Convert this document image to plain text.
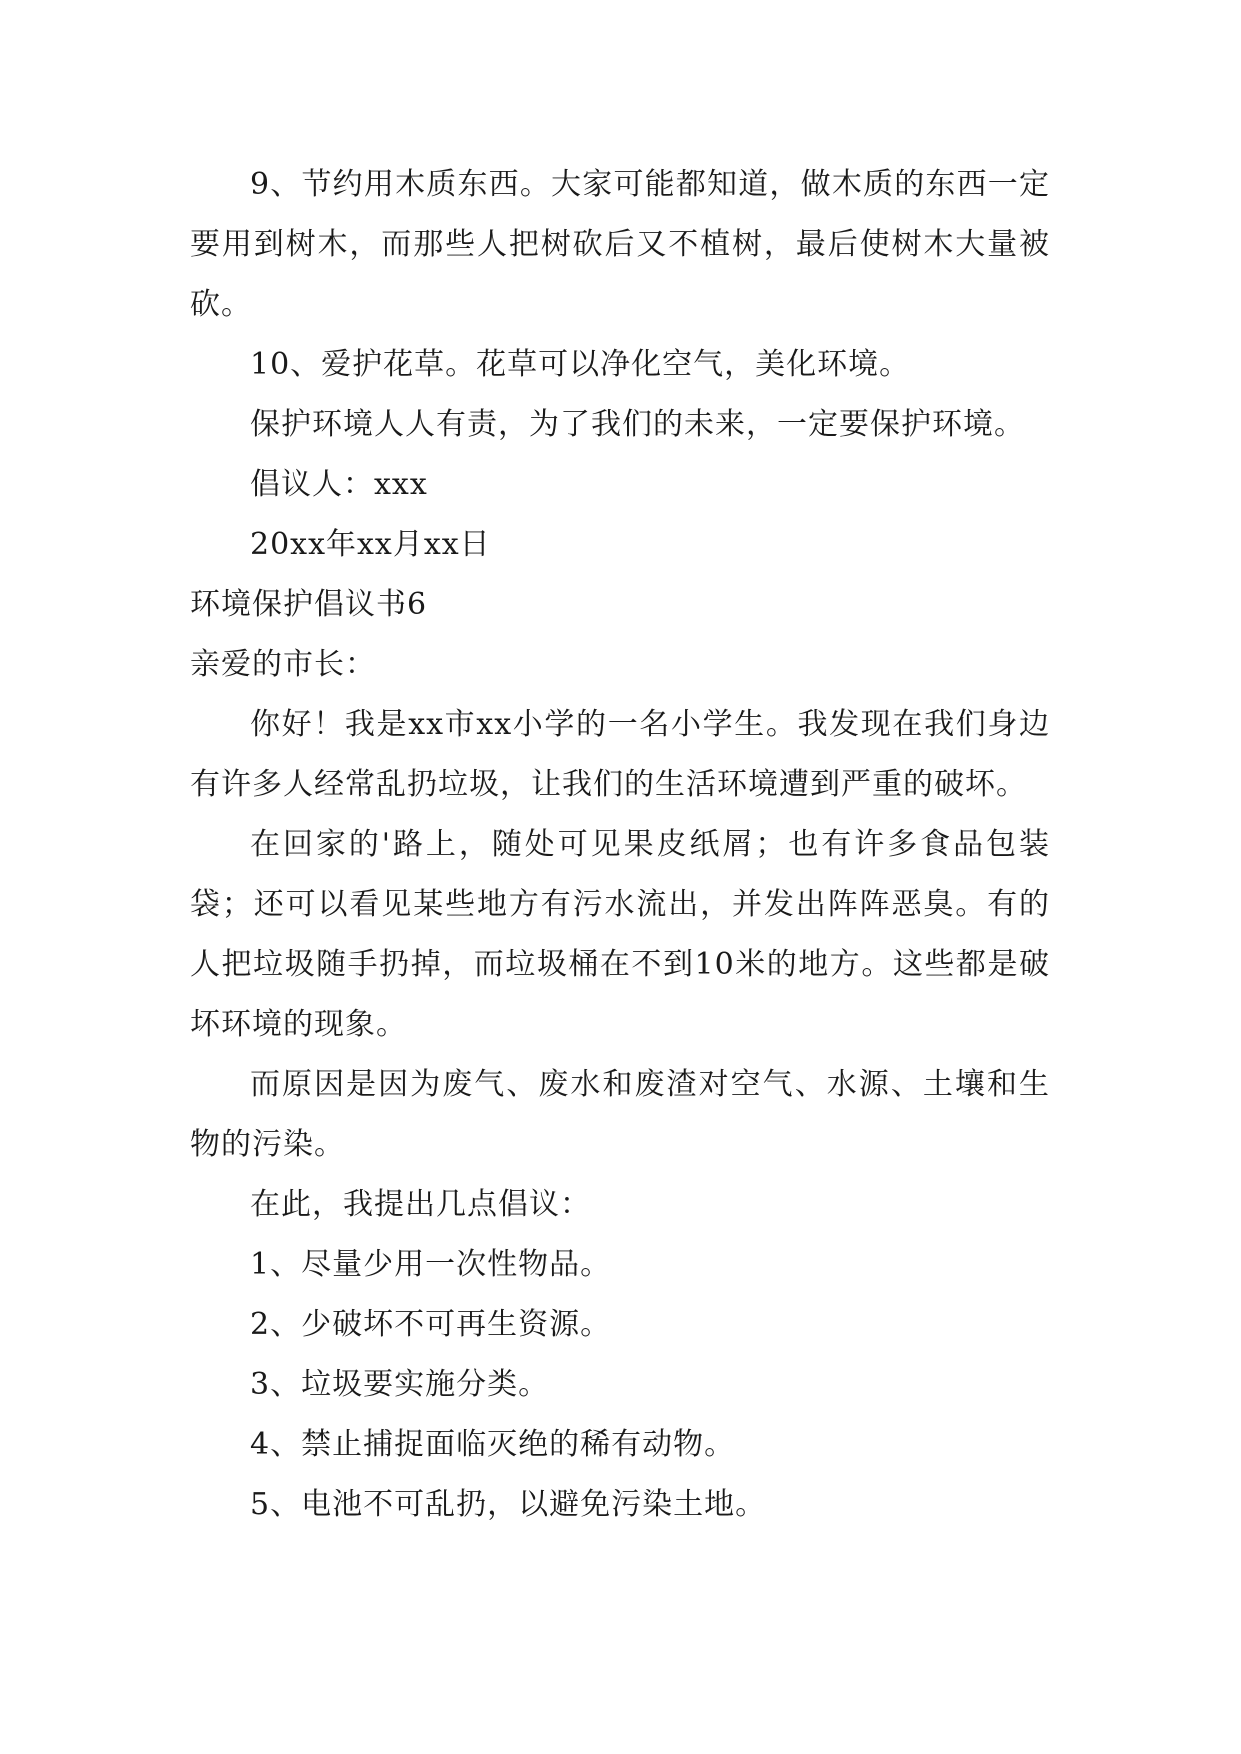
9、节约用木质东西。大家可能都知道，做木质的东西一定要用到树木，而那些人把树砍后又不植树，最后使树木大量被砍。

10、爱护花草。花草可以净化空气，美化环境。

保护环境人人有责，为了我们的未来，一定要保护环境。

倡议人：xxx

20xx年xx月xx日

环境保护倡议书6

亲爱的市长：

你好！我是xx市xx小学的一名小学生。我发现在我们身边有许多人经常乱扔垃圾，让我们的生活环境遭到严重的破坏。

在回家的'路上，随处可见果皮纸屑；也有许多食品包装袋；还可以看见某些地方有污水流出，并发出阵阵恶臭。有的人把垃圾随手扔掉，而垃圾桶在不到10米的地方。这些都是破坏环境的现象。

而原因是因为废气、废水和废渣对空气、水源、土壤和生物的污染。

在此，我提出几点倡议：

1、尽量少用一次性物品。

2、少破坏不可再生资源。

3、垃圾要实施分类。

4、禁止捕捉面临灭绝的稀有动物。

5、电池不可乱扔，以避免污染土地。
